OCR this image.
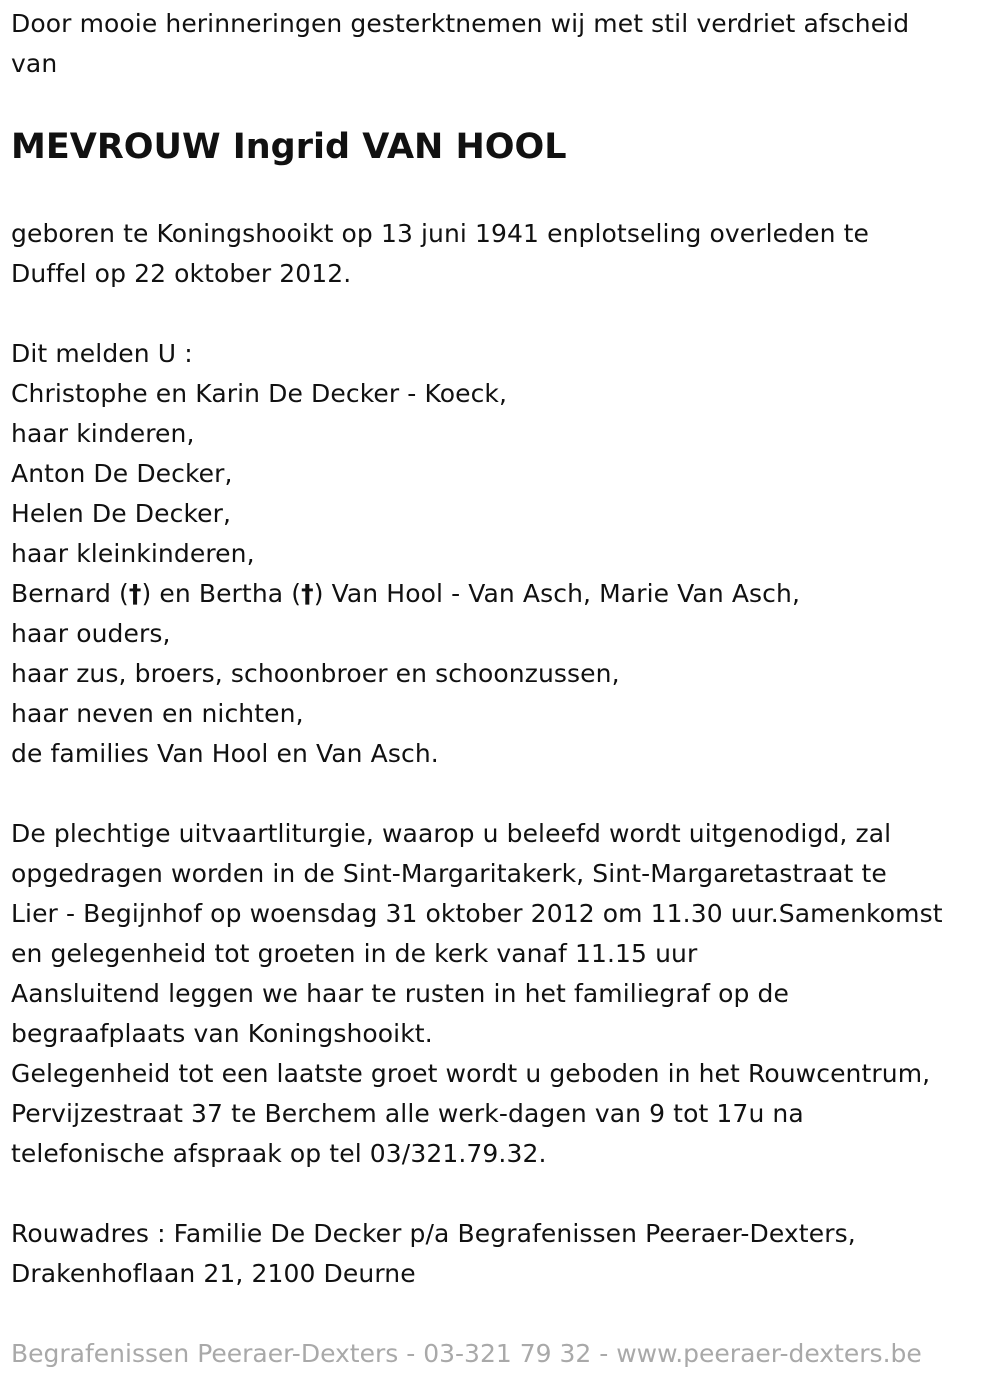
Door mooie herinneringen gesterktnemen wij met stil verdriet afscheid
van
MEVROUW Ingrid VAN HOOL
geboren te Koningshooikt op 13 juni 1941 enplotseling overleden te
Duffel op 22 oktober 2012.
Dit melden U :
Christophe en Karin De Decker - Koeck,
haar kinderen,
Anton De Decker,
Helen De Decker,
haar kleinkinderen,
Bernard (†) en Bertha (†) Van Hool - Van Asch, Marie Van Asch,
haar ouders,
haar zus, broers, schoonbroer en schoonzussen,
haar neven en nichten,
de families Van Hool en Van Asch.
De plechtige uitvaartliturgie, waarop u beleefd wordt uitgenodigd, zal
opgedragen worden in de Sint-Margaritakerk, Sint-Margaretastraat te
Lier - Begijnhof op woensdag 31 oktober 2012 om 11.30 uur.Samenkomst
en gelegenheid tot groeten in de kerk vanaf 11.15 uur
Aansluitend leggen we haar te rusten in het familiegraf op de
begraafplaats van Koningshooikt.
Gelegenheid tot een laatste groet wordt u geboden in het Rouwcentrum,
Pervijzestraat 37 te Berchem alle werk-dagen van 9 tot 17u na
telefonische afspraak op tel 03/321.79.32.
Rouwadres : Familie De Decker p/a Begrafenissen Peeraer-Dexters,
Drakenhoflaan 21, 2100 Deurne
Begrafenissen Peeraer-Dexters - 03-321 79 32 - www.peeraer-dexters.be
